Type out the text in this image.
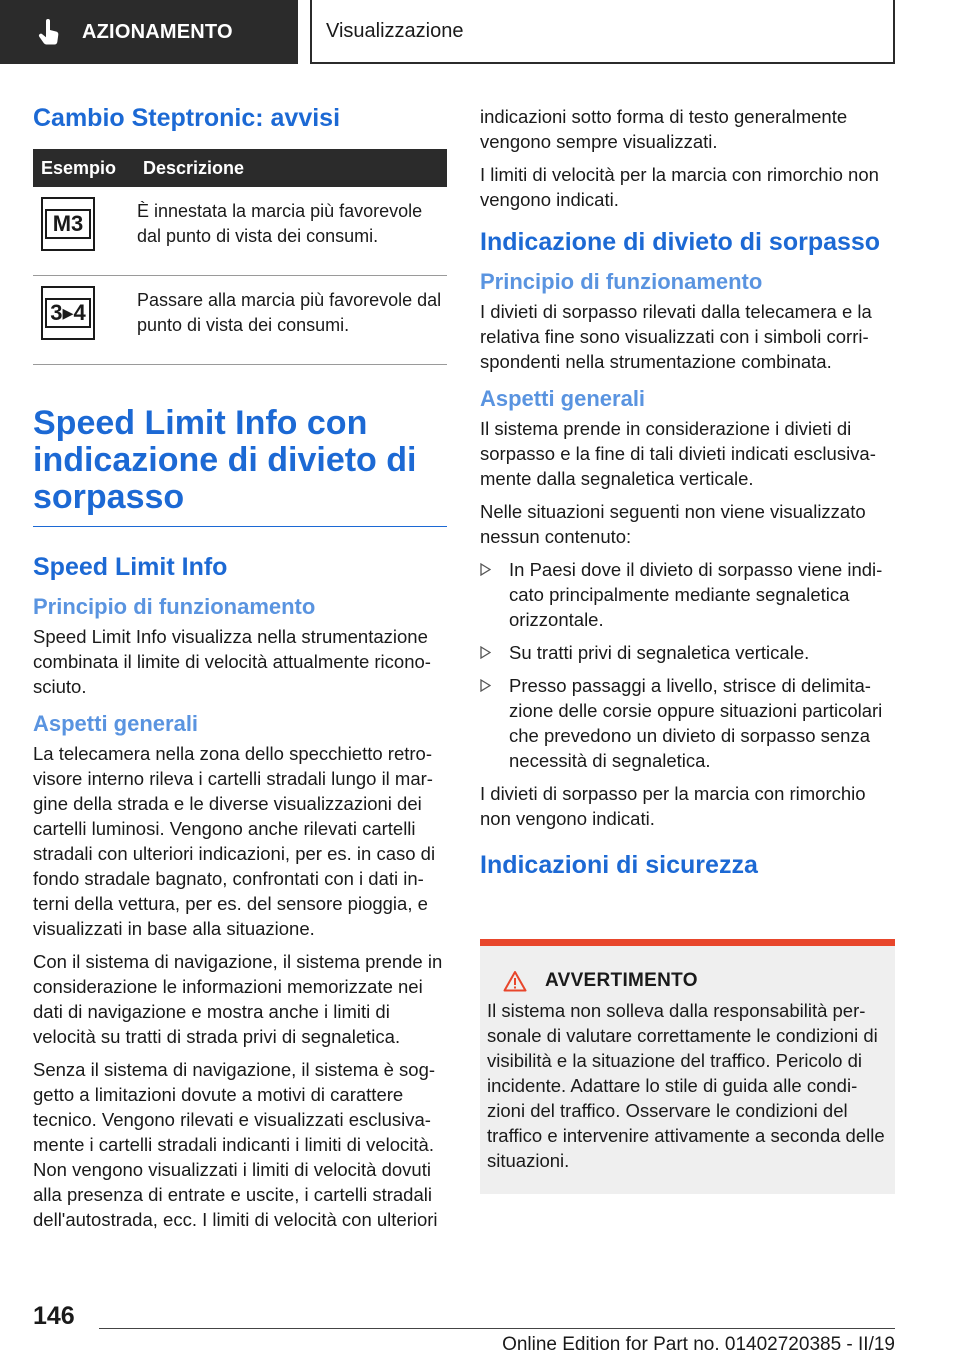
AZIONAMENTO	Visualizzazione
Cambio Steptronic: avvisi
Esempio	Descrizione

M3	È innestata la marcia più favorevole dal punto di vista dei consumi.

3▸4	Passare alla marcia più favorevole dal punto di vista dei consumi.
Speed Limit Info con indicazione di divieto di sorpasso
Speed Limit Info
Principio di funzionamento

Speed Limit Info visualizza nella strumentazione combinata il limite di velocità attualmente ricono-sciuto.

Aspetti generali

La telecamera nella zona dello specchietto retro-visore interno rileva i cartelli stradali lungo il mar-gine della strada e le diverse visualizzazioni dei cartelli luminosi. Vengono anche rilevati cartelli stradali con ulteriori indicazioni, per es. in caso di fondo stradale bagnato, confrontati con i dati in-terni della vettura, per es. del sensore pioggia, e visualizzati in base alla situazione.

Con il sistema di navigazione, il sistema prende in considerazione le informazioni memorizzate nei dati di navigazione e mostra anche i limiti di velocità su tratti di strada privi di segnaletica.

Senza il sistema di navigazione, il sistema è sog-getto a limitazioni dovute a motivi di carattere tecnico. Vengono rilevati e visualizzati esclusiva-mente i cartelli stradali indicanti i limiti di velocità. Non vengono visualizzati i limiti di velocità dovuti alla presenza di entrate e uscite, i cartelli stradali dell'autostrada, ecc. I limiti di velocità con ulteriori

indicazioni sotto forma di testo generalmente vengono sempre visualizzati.

I limiti di velocità per la marcia con rimorchio non vengono indicati.

Indicazione di divieto di sorpasso
Principio di funzionamento

I divieti di sorpasso rilevati dalla telecamera e la relativa fine sono visualizzati con i simboli corri-spondenti nella strumentazione combinata.

Aspetti generali

Il sistema prende in considerazione i divieti di sorpasso e la fine di tali divieti indicati esclusiva-mente dalla segnaletica verticale.

Nelle situazioni seguenti non viene visualizzato nessun contenuto:

In Paesi dove il divieto di sorpasso viene indi-cato principalmente mediante segnaletica orizzontale.
Su tratti privi di segnaletica verticale.
Presso passaggi a livello, strisce di delimita-zione delle corsie oppure situazioni particolari che prevedono un divieto di sorpasso senza necessità di segnaletica.

I divieti di sorpasso per la marcia con rimorchio non vengono indicati.

Indicazioni di sicurezza
AVVERTIMENTO

Il sistema non solleva dalla responsabilità per-sonale di valutare correttamente le condizioni di visibilità e la situazione del traffico. Pericolo di incidente. Adattare lo stile di guida alle condi-zioni del traffico. Osservare le condizioni del traffico e intervenire attivamente a seconda delle situazioni.

146
Online Edition for Part no. 01402720385 - II/19
